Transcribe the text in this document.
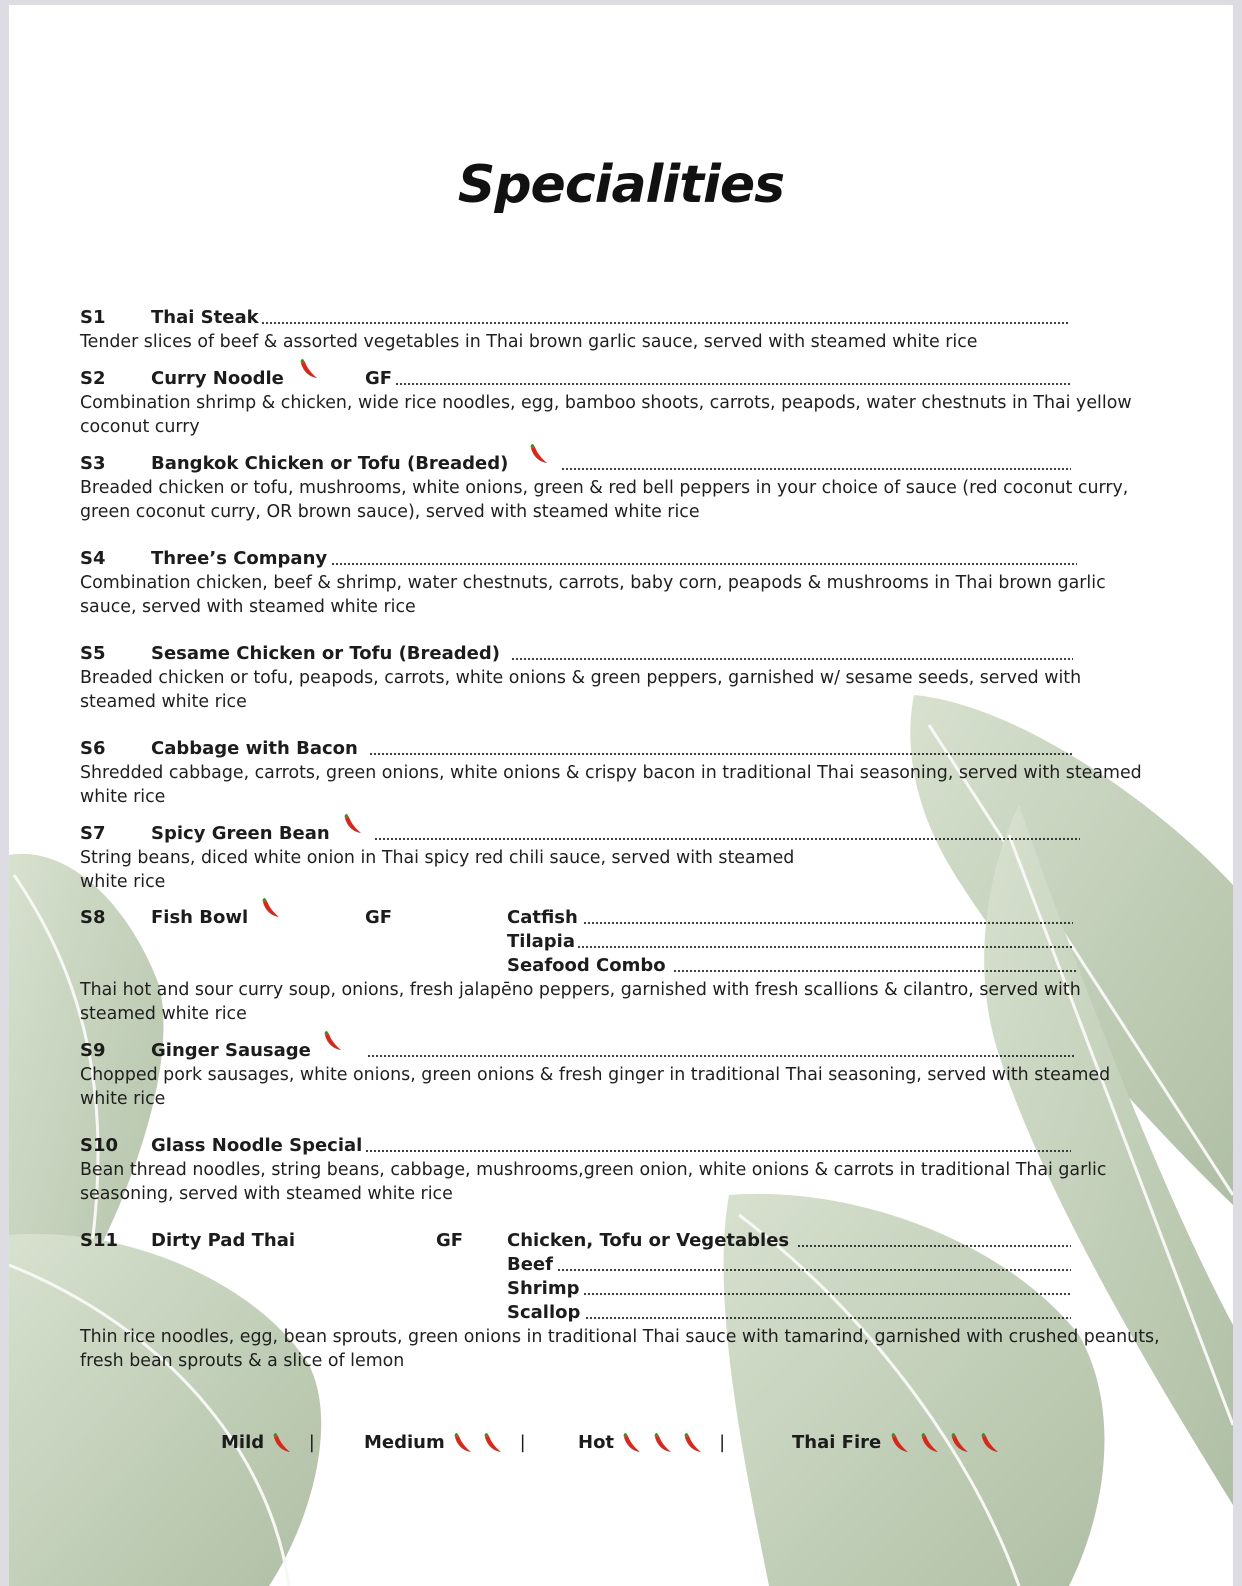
Specialities
S1	Thai Steak
Tender slices of beef & assorted vegetables in Thai brown garlic sauce, served with steamed white rice
S2	Curry Noodle	GF
Combination shrimp & chicken, wide rice noodles, egg, bamboo shoots, carrots, peapods, water chestnuts in Thai yellow coconut curry
S3	Bangkok Chicken or Tofu (Breaded)
Breaded chicken or tofu, mushrooms, white onions, green & red bell peppers in your choice of sauce (red coconut curry, green coconut curry, OR brown sauce), served with steamed white rice
S4	Three’s Company
Combination chicken, beef & shrimp, water chestnuts, carrots, baby corn, peapods & mushrooms in Thai brown garlic sauce, served with steamed white rice
S5	Sesame Chicken or Tofu (Breaded)
Breaded chicken or tofu, peapods, carrots, white onions & green peppers, garnished w/ sesame seeds, served with steamed white rice
S6	Cabbage with Bacon
Shredded cabbage, carrots, green onions, white onions & crispy bacon in traditional Thai seasoning, served with steamed white rice
S7	Spicy Green Bean
String beans, diced white onion in Thai spicy red chili sauce, served with steamed
white rice
S8	Fish Bowl	GF	Catfish
Tilapia
Seafood Combo
Thai hot and sour curry soup, onions, fresh jalapēno peppers, garnished with fresh scallions & cilantro, served with steamed white rice
S9	Ginger Sausage
Chopped pork sausages, white onions, green onions & fresh ginger in traditional Thai seasoning, served with steamed white rice
S10 Glass Noodle Special
Bean thread noodles, string beans, cabbage, mushrooms,green onion, white onions & carrots in traditional Thai garlic seasoning, served with steamed white rice
S11 Dirty Pad Thai	GF Chicken, Tofu or Vegetables
Beef
Shrimp
Scallop
Thin rice noodles, egg, bean sprouts, green onions in traditional Thai sauce with tamarind, garnished with crushed peanuts, fresh bean sprouts & a slice of lemon
Mild |	Medium
	|	Hot

	|	Thai Fire
